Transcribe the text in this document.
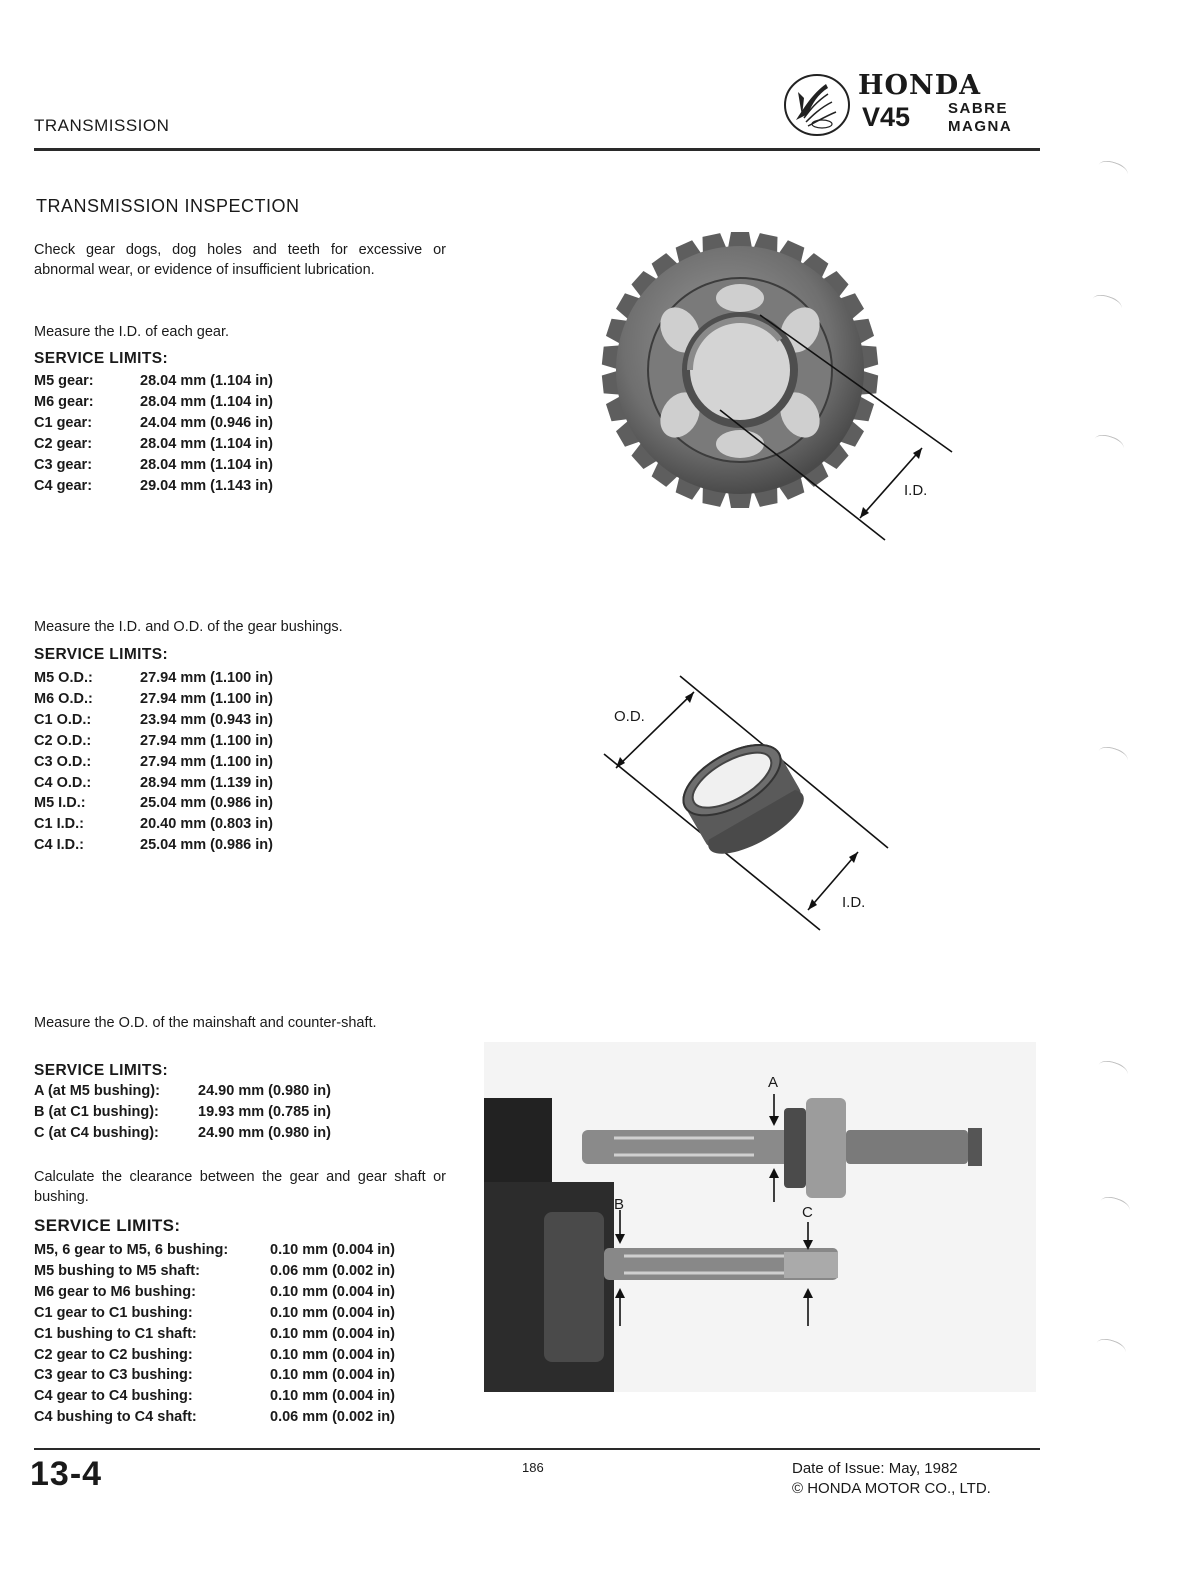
TRANSMISSION
HONDA
V45	SABRE
MAGNA
TRANSMISSION INSPECTION
Check gear dogs, dog holes and teeth for excessive or abnormal wear, or evidence of insufficient lubrication.
Measure the I.D. of each gear.
SERVICE LIMITS:
M5 gear:	28.04 mm (1.104 in)
M6 gear:	28.04 mm (1.104 in)
C1 gear:	24.04 mm (0.946 in)
C2 gear:	28.04 mm (1.104 in)
C3 gear:	28.04 mm (1.104 in)
C4 gear:	29.04 mm (1.143 in)	I.D.
Measure the I.D. and O.D. of the gear bushings.
SERVICE LIMITS:
M5 O.D.:	27.94 mm (1.100 in)
M6 O.D.:	27.94 mm (1.100 in)
C1 O.D.:	23.94 mm (0.943 in)
C2 O.D.:	27.94 mm (1.100 in)
C3 O.D.:	27.94 mm (1.100 in)
C4 O.D.:	28.94 mm (1.139 in)
M5 I.D.:	25.04 mm (0.986 in)
C1 I.D.:	20.40 mm (0.803 in)
C4 I.D.:	25.04 mm (0.986 in)
O.D.
I.D.
Measure the O.D. of the mainshaft and counter-shaft.
SERVICE LIMITS:
A (at M5 bushing):	24.90 mm (0.980 in)
B (at C1 bushing):	19.93 mm (0.785 in)
C (at C4 bushing):	24.90 mm (0.980 in)
Calculate the clearance between the gear and gear shaft or bushing.
SERVICE LIMITS:
M5, 6 gear to M5, 6 bushing:	0.10 mm (0.004 in)
M5 bushing to M5 shaft:	0.06 mm (0.002 in)
M6 gear to M6 bushing:	0.10 mm (0.004 in)
C1 gear to C1 bushing:	0.10 mm (0.004 in)
C1 bushing to C1 shaft:	0.10 mm (0.004 in)
C2 gear to C2 bushing:	0.10 mm (0.004 in)
C3 gear to C3 bushing:	0.10 mm (0.004 in)
C4 gear to C4 bushing:	0.10 mm (0.004 in)
C4 bushing to C4 shaft:	0.06 mm (0.002 in)
A
B	C
13-4	186	Date of Issue: May, 1982
© HONDA MOTOR CO., LTD.
